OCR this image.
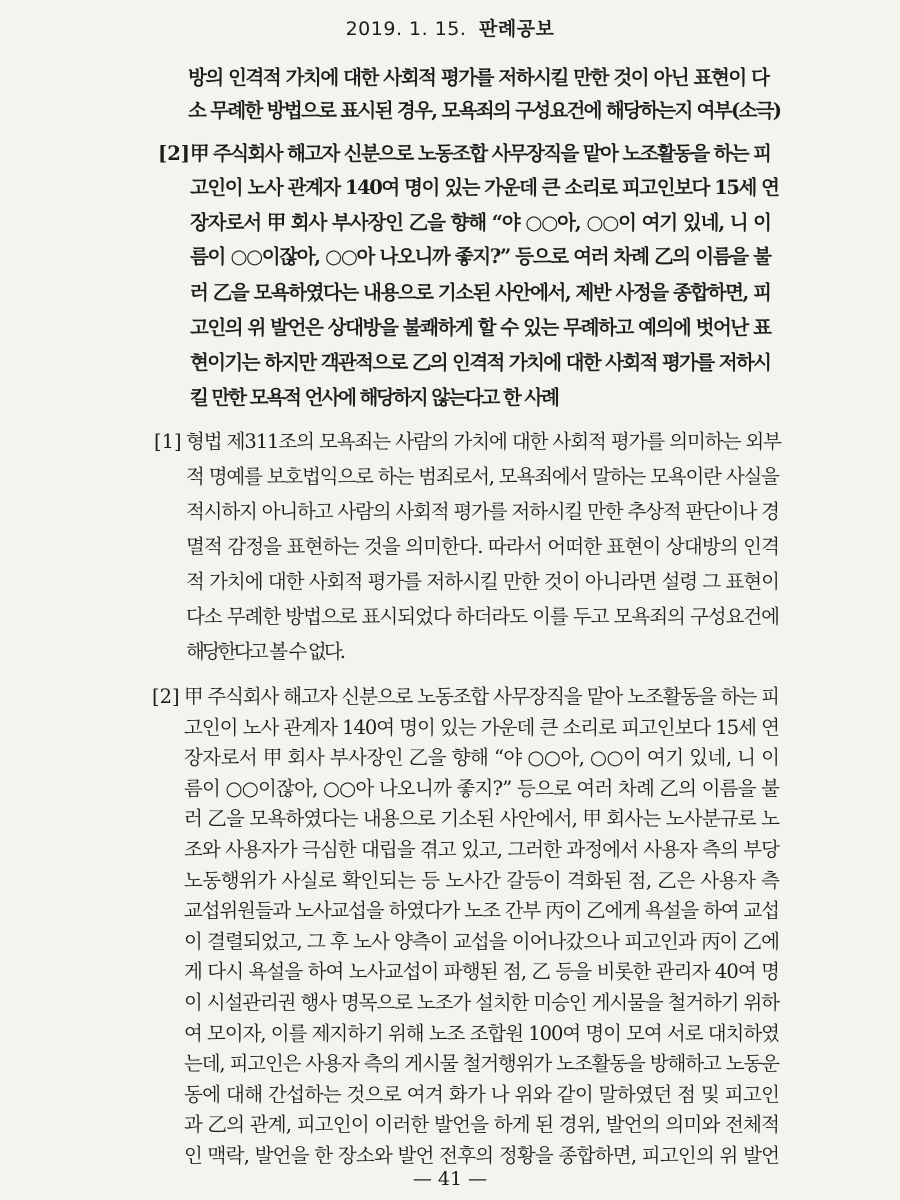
2019. 1. 15. 판례공보
방의 인격적 가치에 대한 사회적 평가를 저하시킬 만한 것이 아닌 표현이 다
소 무례한 방법으로 표시된 경우, 모욕죄의 구성요건에 해당하는지 여부(소극)
[2] 甲 주식회사 해고자 신분으로 노동조합 사무장직을 맡아 노조활동을 하는 피
고인이 노사 관계자 140여 명이 있는 가운데 큰 소리로 피고인보다 15세 연
장자로서 甲 회사 부사장인 乙을 향해 “야 ○○아, ○○이 여기 있네, 니 이
름이 ○○이잖아, ○○아 나오니까 좋지?” 등으로 여러 차례 乙의 이름을 불
러 乙을 모욕하였다는 내용으로 기소된 사안에서, 제반 사정을 종합하면, 피
고인의 위 발언은 상대방을 불쾌하게 할 수 있는 무례하고 예의에 벗어난 표
현이기는 하지만 객관적으로 乙의 인격적 가치에 대한 사회적 평가를 저하시
킬 만한 모욕적 언사에 해당하지 않는다고 한 사례
[1] 형법 제311조의 모욕죄는 사람의 가치에 대한 사회적 평가를 의미하는 외부
적 명예를 보호법익으로 하는 범죄로서, 모욕죄에서 말하는 모욕이란 사실을
적시하지 아니하고 사람의 사회적 평가를 저하시킬 만한 추상적 판단이나 경
멸적 감정을 표현하는 것을 의미한다. 따라서 어떠한 표현이 상대방의 인격
적 가치에 대한 사회적 평가를 저하시킬 만한 것이 아니라면 설령 그 표현이
다소 무례한 방법으로 표시되었다 하더라도 이를 두고 모욕죄의 구성요건에
해당한다고 볼 수 없다.
[2] 甲 주식회사 해고자 신분으로 노동조합 사무장직을 맡아 노조활동을 하는 피
고인이 노사 관계자 140여 명이 있는 가운데 큰 소리로 피고인보다 15세 연
장자로서 甲 회사 부사장인 乙을 향해 “야 ○○아, ○○이 여기 있네, 니 이
름이 ○○이잖아, ○○아 나오니까 좋지?” 등으로 여러 차례 乙의 이름을 불
러 乙을 모욕하였다는 내용으로 기소된 사안에서, 甲 회사는 노사분규로 노
조와 사용자가 극심한 대립을 겪고 있고, 그러한 과정에서 사용자 측의 부당
노동행위가 사실로 확인되는 등 노사간 갈등이 격화된 점, 乙은 사용자 측
교섭위원들과 노사교섭을 하였다가 노조 간부 丙이 乙에게 욕설을 하여 교섭
이 결렬되었고, 그 후 노사 양측이 교섭을 이어나갔으나 피고인과 丙이 乙에
게 다시 욕설을 하여 노사교섭이 파행된 점, 乙 등을 비롯한 관리자 40여 명
이 시설관리권 행사 명목으로 노조가 설치한 미승인 게시물을 철거하기 위하
여 모이자, 이를 제지하기 위해 노조 조합원 100여 명이 모여 서로 대치하였
는데, 피고인은 사용자 측의 게시물 철거행위가 노조활동을 방해하고 노동운
동에 대해 간섭하는 것으로 여겨 화가 나 위와 같이 말하였던 점 및 피고인
과 乙의 관계, 피고인이 이러한 발언을 하게 된 경위, 발언의 의미와 전체적
인 맥락, 발언을 한 장소와 발언 전후의 정황을 종합하면, 피고인의 위 발언
— 41 —
